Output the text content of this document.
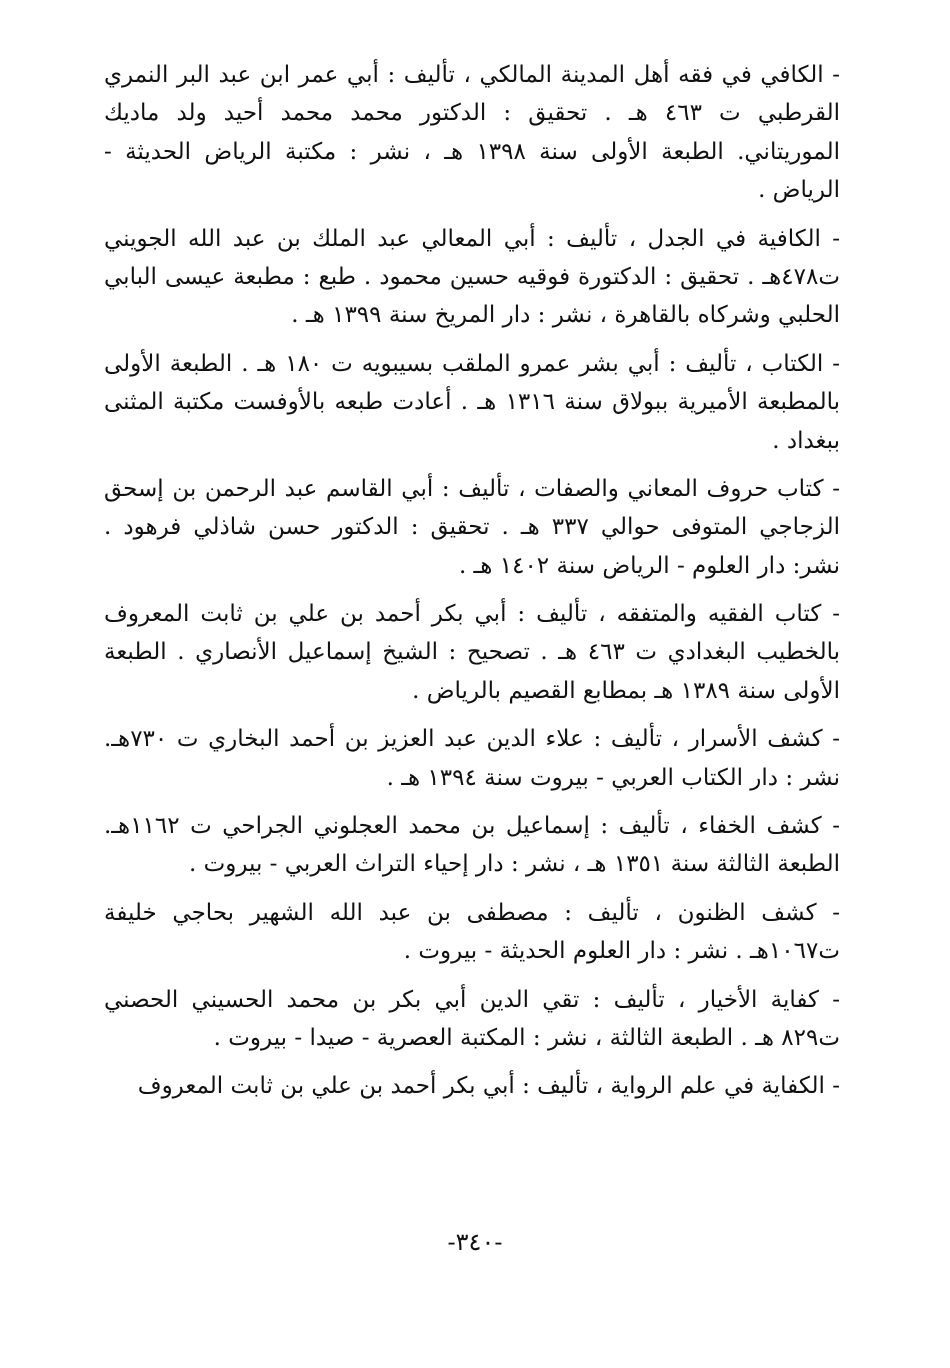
- الكافي في فقه أهل المدينة المالكي ، تأليف : أبي عمر ابن عبد البر النمري
القرطبي ت ٤٦٣ هـ . تحقيق : الدكتور محمد محمد أحيد ولد ماديك
الموريتاني. الطبعة الأولى سنة ١٣٩٨ هـ ، نشر : مكتبة الرياض الحديثة -
الرياض .
- الكافية في الجدل ، تأليف : أبي المعالي عبد الملك بن عبد الله الجويني
ت٤٧٨هـ . تحقيق : الدكتورة فوقيه حسين محمود . طبع : مطبعة عيسى البابي
الحلبي وشركاه بالقاهرة ، نشر : دار المريخ سنة ١٣٩٩ هـ .
- الكتاب ، تأليف : أبي بشر عمرو الملقب بسيبويه ت ١٨٠ هـ . الطبعة الأولى
بالمطبعة الأميرية ببولاق سنة ١٣١٦ هـ . أعادت طبعه بالأوفست مكتبة المثنى
ببغداد .
- كتاب حروف المعاني والصفات ، تأليف : أبي القاسم عبد الرحمن بن إسحق
الزجاجي المتوفى حوالي ٣٣٧ هـ . تحقيق : الدكتور حسن شاذلي فرهود .
نشر: دار العلوم - الرياض سنة ١٤٠٢ هـ .
- كتاب الفقيه والمتفقه ، تأليف : أبي بكر أحمد بن علي بن ثابت المعروف
بالخطيب البغدادي ت ٤٦٣ هـ . تصحيح : الشيخ إسماعيل الأنصاري . الطبعة
الأولى سنة ١٣٨٩ هـ بمطابع القصيم بالرياض .
- كشف الأسرار ، تأليف : علاء الدين عبد العزيز بن أحمد البخاري ت ٧٣٠هـ.
نشر : دار الكتاب العربي - بيروت سنة ١٣٩٤ هـ .
- كشف الخفاء ، تأليف : إسماعيل بن محمد العجلوني الجراحي ت ١١٦٢هـ.
الطبعة الثالثة سنة ١٣٥١ هـ ، نشر : دار إحياء التراث العربي - بيروت .
- كشف الظنون ، تأليف : مصطفى بن عبد الله الشهير بحاجي خليفة
ت١٠٦٧هـ . نشر : دار العلوم الحديثة - بيروت .
- كفاية الأخيار ، تأليف : تقي الدين أبي بكر بن محمد الحسيني الحصني
ت٨٢٩ هـ . الطبعة الثالثة ، نشر : المكتبة العصرية - صيدا - بيروت .
- الكفاية في علم الرواية ، تأليف : أبي بكر أحمد بن علي بن ثابت المعروف
-٣٤٠-
